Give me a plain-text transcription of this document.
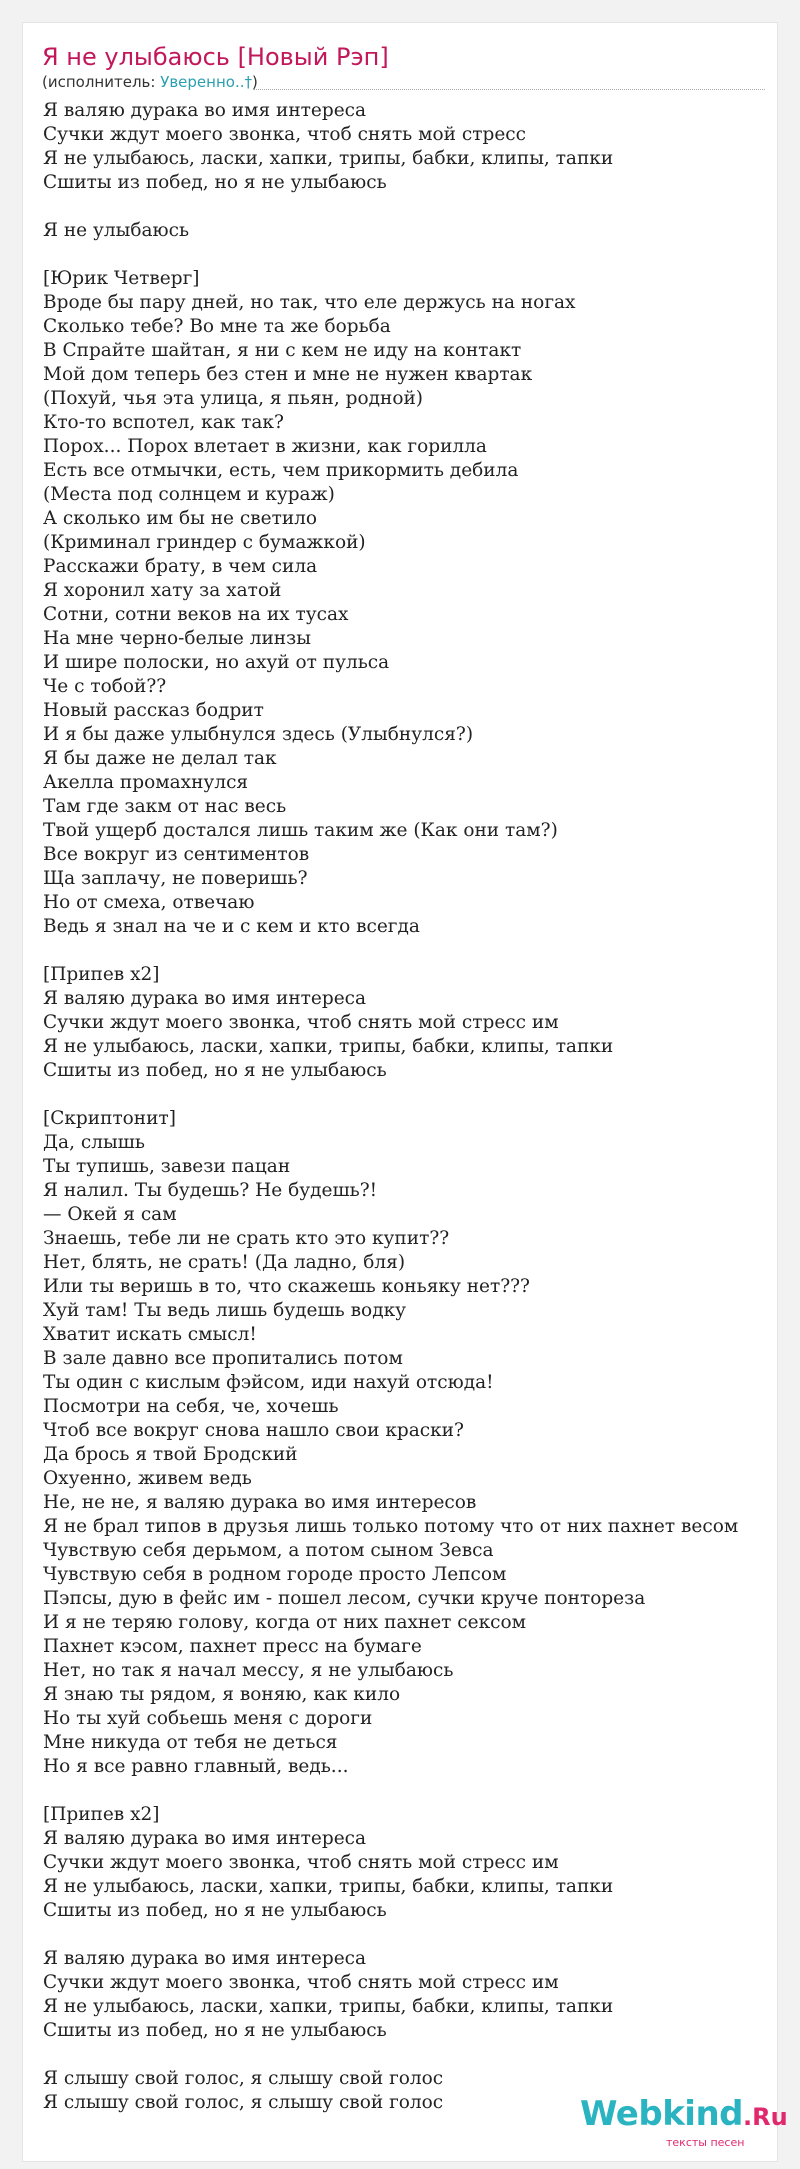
Я не улыбаюсь [Новый Рэп]
(исполнитель: Уверенно..†)
Я валяю дурака во имя интереса
Сучки ждут моего звонка, чтоб снять мой стресс
Я не улыбаюсь, ласки, хапки, трипы, бабки, клипы, тапки
Сшиты из побед, но я не улыбаюсь
Я не улыбаюсь
[Юрик Четверг]
Вроде бы пару дней, но так, что еле держусь на ногах
Сколько тебе? Во мне та же борьба
В Спрайте шайтан, я ни с кем не иду на контакт
Мой дом теперь без стен и мне не нужен квартак
(Похуй, чья эта улица, я пьян, родной)
Кто-то вспотел, как так?
Порох... Порох влетает в жизни, как горилла
Есть все отмычки, есть, чем прикормить дебила
(Места под солнцем и кураж)
А сколько им бы не светило
(Криминал гриндер с бумажкой)
Расскажи брату, в чем сила
Я хоронил хату за хатой
Сотни, сотни веков на их тусах
На мне черно-белые линзы
И шире полоски, но ахуй от пульса
Че с тобой??
Новый рассказ бодрит
И я бы даже улыбнулся здесь (Улыбнулся?)
Я бы даже не делал так
Акелла промахнулся
Там где закм от нас весь
Твой ущерб достался лишь таким же (Как они там?)
Все вокруг из сентиментов
Ща заплачу, не поверишь?
Но от смеха, отвечаю
Ведь я знал на че и с кем и кто всегда
[Припев x2]
Я валяю дурака во имя интереса
Сучки ждут моего звонка, чтоб снять мой стресс им
Я не улыбаюсь, ласки, хапки, трипы, бабки, клипы, тапки
Сшиты из побед, но я не улыбаюсь
[Скриптонит]
Да, слышь
Ты тупишь, завези пацан
Я налил. Ты будешь? Не будешь?!
— Окей я сам
Знаешь, тебе ли не срать кто это купит??
Нет, блять, не срать! (Да ладно, бля)
Или ты веришь в то, что скажешь коньяку нет???
Хуй там! Ты ведь лишь будешь водку
Хватит искать смысл!
В зале давно все пропитались потом
Ты один с кислым фэйсом, иди нахуй отсюда!
Посмотри на себя, че, хочешь
Чтоб все вокруг снова нашло свои краски?
Да брось я твой Бродский
Охуенно, живем ведь
Не, не не, я валяю дурака во имя интересов
Я не брал типов в друзья лишь только потому что от них пахнет весом
Чувствую себя дерьмом, а потом сыном Зевса
Чувствую себя в родном городе просто Лепсом
Пэпсы, дую в фейс им - пошел лесом, сучки круче понтореза
И я не теряю голову, когда от них пахнет сексом
Пахнет кэсом, пахнет пресс на бумаге
Нет, но так я начал мессу, я не улыбаюсь
Я знаю ты рядом, я воняю, как кило
Но ты хуй собьешь меня с дороги
Мне никуда от тебя не деться
Но я все равно главный, ведь...
[Припев x2]
Я валяю дурака во имя интереса
Сучки ждут моего звонка, чтоб снять мой стресс им
Я не улыбаюсь, ласки, хапки, трипы, бабки, клипы, тапки
Сшиты из побед, но я не улыбаюсь
Я валяю дурака во имя интереса
Сучки ждут моего звонка, чтоб снять мой стресс им
Я не улыбаюсь, ласки, хапки, трипы, бабки, клипы, тапки
Сшиты из побед, но я не улыбаюсь
Я слышу свой голос, я слышу свой голос
Я слышу свой голос, я слышу свой голос	Webkind.Ru
тексты песен
